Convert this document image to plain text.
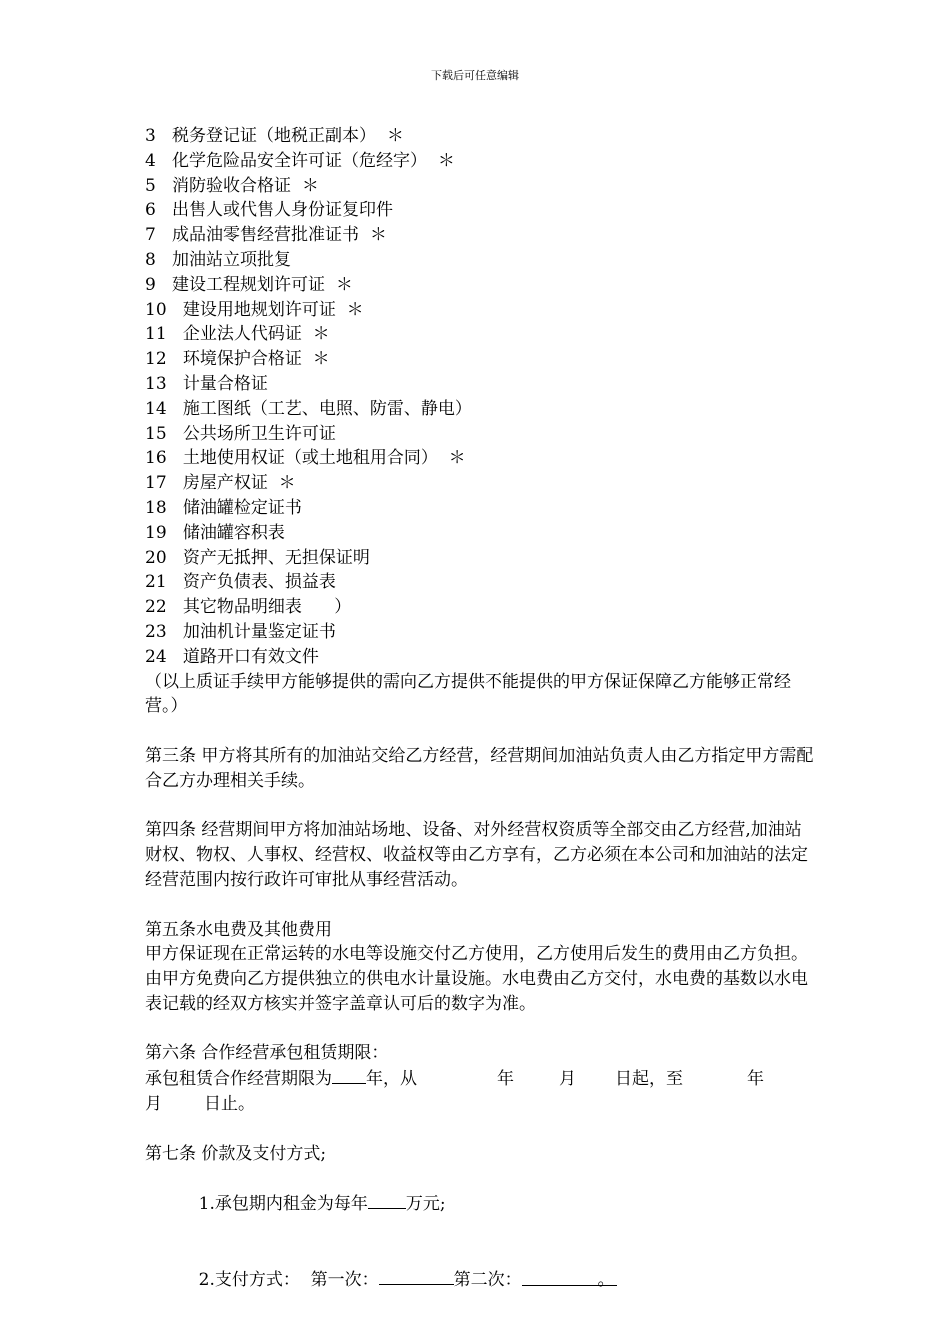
下载后可任意编辑
3   税务登记证（地税正副本）  ＊
4   化学危险品安全许可证（危经字）  ＊
5   消防验收合格证  ＊
6   出售人或代售人身份证复印件
7   成品油零售经营批准证书  ＊
8   加油站立项批复
9   建设工程规划许可证  ＊
10   建设用地规划许可证  ＊
11   企业法人代码证  ＊
12   环境保护合格证  ＊
13   计量合格证
14   施工图纸（工艺、电照、防雷、静电）
15   公共场所卫生许可证
16   土地使用权证（或土地租用合同）  ＊
17   房屋产权证  ＊
18   储油罐检定证书
19   储油罐容积表
20   资产无抵押、无担保证明
21   资产负债表、损益表
22   其它物品明细表      ）
23   加油机计量鉴定证书
24   道路开口有效文件

（以上质证手续甲方能够提供的需向乙方提供不能提供的甲方保证保障乙方能够正常经营。）

第三条 甲方将其所有的加油站交给乙方经营，经营期间加油站负责人由乙方指定甲方需配合乙方办理相关手续。

第四条 经营期间甲方将加油站场地、设备、对外经营权资质等全部交由乙方经营,加油站财权、物权、人事权、经营权、收益权等由乙方享有，乙方必须在本公司和加油站的法定经营范围内按行政许可审批从事经营活动。

第五条水电费及其他费用

甲方保证现在正常运转的水电等设施交付乙方使用，乙方使用后发生的费用由乙方负担。由甲方免费向乙方提供独立的供电水计量设施。水电费由乙方交付，水电费的基数以水电表记载的经双方核实并签字盖章认可后的数字为准。

第六条 合作经营承包租赁期限：

承包租赁合作经营期限为 年，从	年	月 日起，至	年
月 日止。

第七条 价款及支付方式;

1.承包期内租金为每年 万元;

2.支付方式：  第一次：	第二次：	。
